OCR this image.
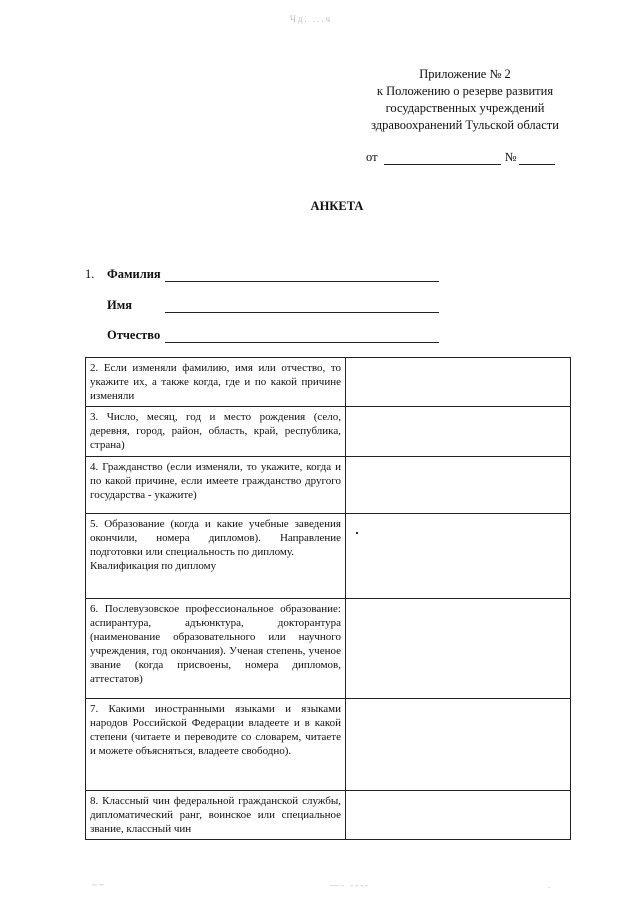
Чд. ...ч
Приложение № 2
к Положению о резерве развития
государственных учреждений
здравоохранений Тульской области
от	№
АНКЕТА
1.	Фамилия
Имя
Отчество
2. Если изменяли фамилию, имя или отчество, то укажите их, а также когда, где и по какой причине изменяли	
3. Число, месяц, год и место рождения (село, деревня, город, район, область, край, республика, страна)	
4. Гражданство (если изменяли, то укажите, когда и по какой причине, если имеете гражданство другого государства - укажите)	
5. Образование (когда и какие учебные заведения окончили, номера дипломов). Направление подготовки или специальность по диплому.
Квалификация по диплому	
6. Послевузовское профессиональное образование: аспирантура, адъюнктура, докторантура (наименование образовательного или научного учреждения, год окончания). Ученая степень, ученое звание (когда присвоены, номера дипломов, аттестатов)	
7. Какими иностранными языками и языками народов Российской Федерации владеете и в какой степени (читаете и переводите со словарем, читаете и можете объясняться, владеете свободно).	
8. Классный чин федеральной гражданской службы, дипломатический ранг, воинское или специальное звание, классный чин	
~~	—- ----	.
